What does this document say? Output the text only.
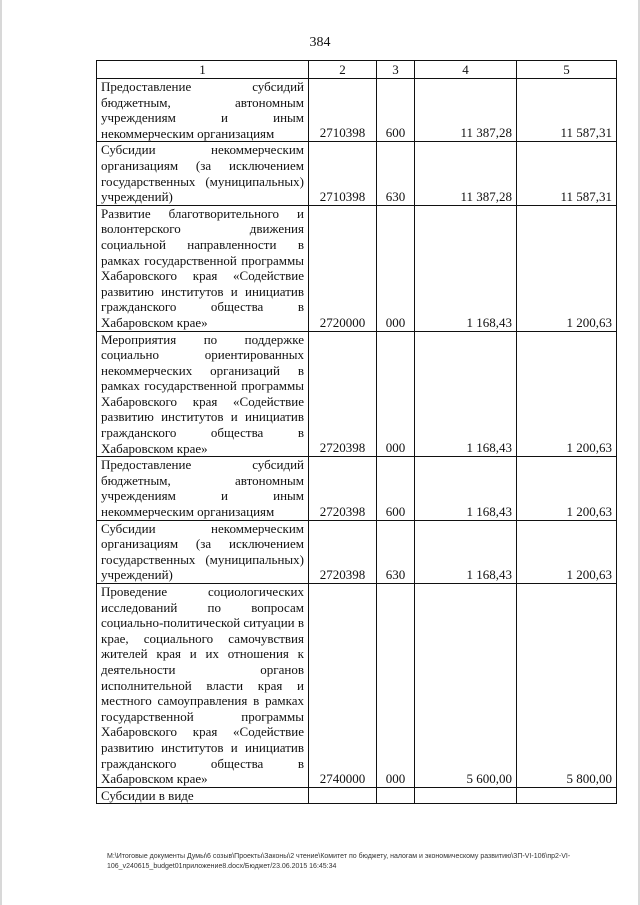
384
1	2	3	4	5
Предоставление субсидий бюджетным, автономным учреждениям и иным некоммерческим организациям	2710398	600	11 387,28	11 587,31
Субсидии некоммерческим организациям (за исключением государственных (муниципальных) учреждений)	2710398	630	11 387,28	11 587,31
Развитие благотворительного и волонтерского движения социальной направленности в рамках государственной программы Хабаровского края «Содействие развитию институтов и инициатив гражданского общества в Хабаровском крае»	2720000	000	1 168,43	1 200,63
Мероприятия по поддержке социально ориентированных некоммерческих организаций в рамках государственной программы Хабаровского края «Содействие развитию институтов и инициатив гражданского общества в Хабаровском крае»	2720398	000	1 168,43	1 200,63
Предоставление субсидий бюджетным, автономным учреждениям и иным некоммерческим организациям	2720398	600	1 168,43	1 200,63
Субсидии некоммерческим организациям (за исключением государственных (муниципальных) учреждений)	2720398	630	1 168,43	1 200,63
Проведение социологических исследований по вопросам социально-политической ситуации в крае, социального самочувствия жителей края и их отношения к деятельности органов исполнительной власти края и местного самоуправления в рамках государственной программы Хабаровского края «Содействие развитию институтов и инициатив гражданского общества в Хабаровском крае»	2740000	000	5 600,00	5 800,00
Субсидии в виде				
M:\Итоговые документы Думы\6 созыв\Проекты\Законы\2 чтение\Комитет по бюджету, налогам и экономическому развитию\ЗП-VI-106\пр2-VI-106_v240615_budget01приложение8.docx/Бюджет/23.06.2015 16:45:34
